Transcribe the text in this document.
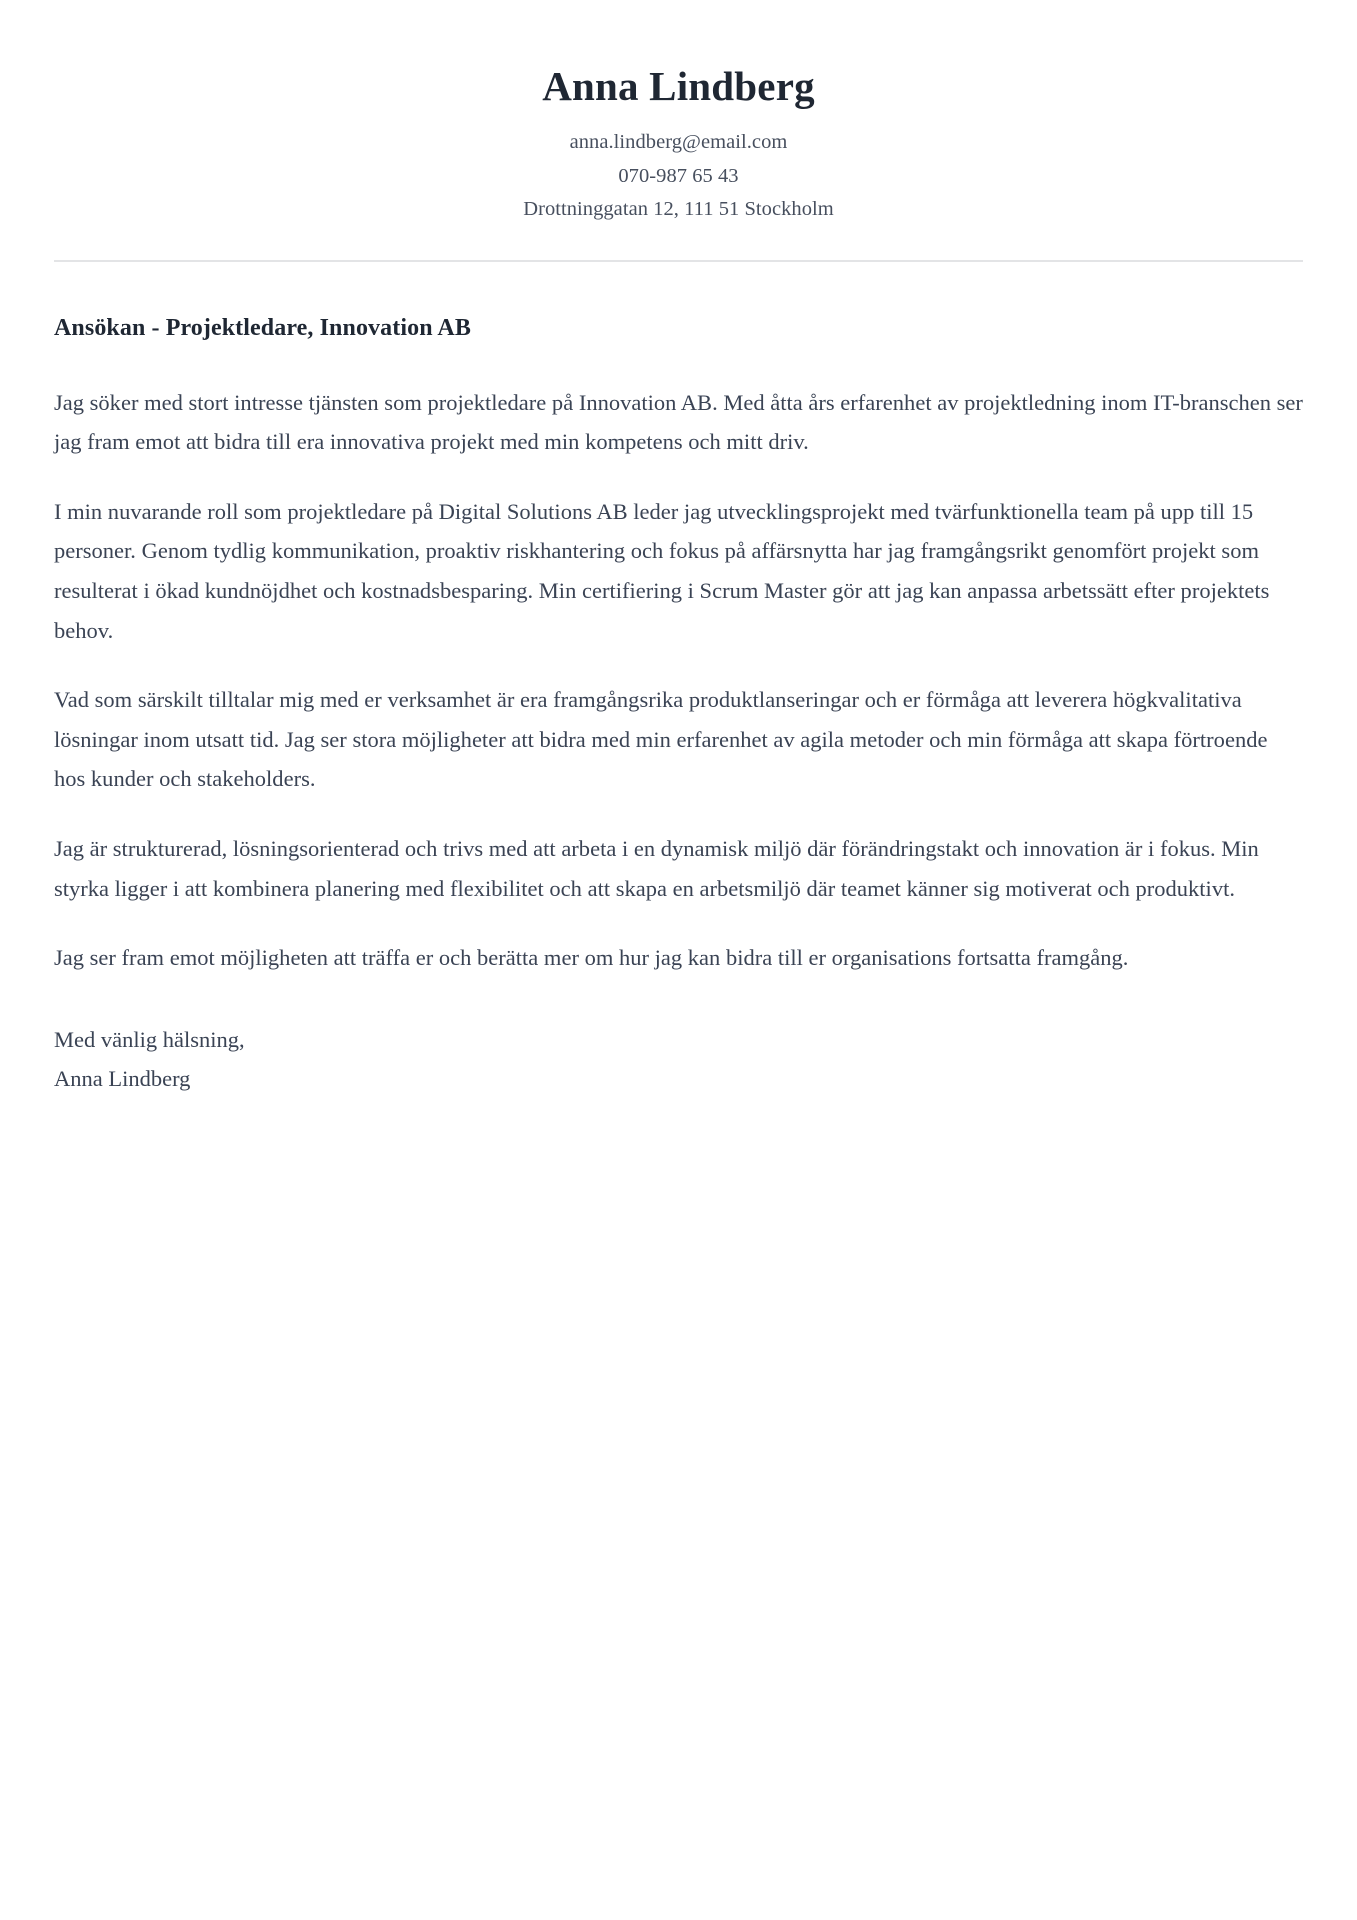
Anna Lindberg

anna.lindberg@email.com

070-987 65 43

Drottninggatan 12, 111 51 Stockholm

Ansökan - Projektledare, Innovation AB

Jag söker med stort intresse tjänsten som projektledare på Innovation AB. Med åtta års erfarenhet av projektledning inom IT-branschen ser jag fram emot att bidra till era innovativa projekt med min kompetens och mitt driv.

I min nuvarande roll som projektledare på Digital Solutions AB leder jag utvecklingsprojekt med tvärfunktionella team på upp till 15 personer. Genom tydlig kommunikation, proaktiv riskhantering och fokus på affärsnytta har jag framgångsrikt genomfört projekt som resulterat i ökad kundnöjdhet och kostnadsbesparing. Min certifiering i Scrum Master gör att jag kan anpassa arbetssätt efter projektets behov.

Vad som särskilt tilltalar mig med er verksamhet är era framgångsrika produktlanseringar och er förmåga att leverera högkvalitativa lösningar inom utsatt tid. Jag ser stora möjligheter att bidra med min erfarenhet av agila metoder och min förmåga att skapa förtroende hos kunder och stakeholders.

Jag är strukturerad, lösningsorienterad och trivs med att arbeta i en dynamisk miljö där förändringstakt och innovation är i fokus. Min styrka ligger i att kombinera planering med flexibilitet och att skapa en arbetsmiljö där teamet känner sig motiverat och produktivt.

Jag ser fram emot möjligheten att träffa er och berätta mer om hur jag kan bidra till er organisations fortsatta framgång.

Med vänlig hälsning,

Anna Lindberg
